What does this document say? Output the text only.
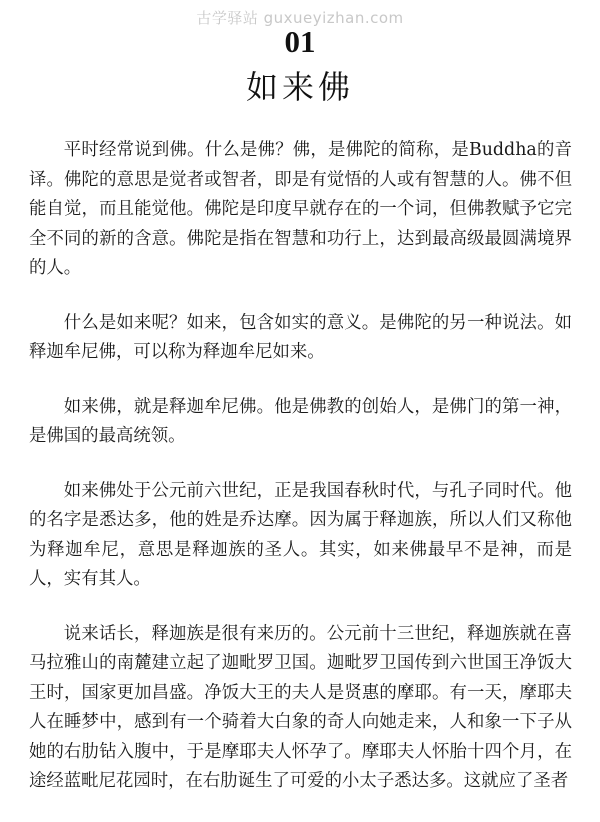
古学驿站 guxueyizhan.com
01
如来佛

平时经常说到佛。什么是佛？佛，是佛陀的简称，是Buddha的音译。佛陀的意思是觉者或智者，即是有觉悟的人或有智慧的人。佛不但能自觉，而且能觉他。佛陀是印度早就存在的一个词，但佛教赋予它完全不同的新的含意。佛陀是指在智慧和功行上，达到最高级最圆满境界的人。

什么是如来呢？如来，包含如实的意义。是佛陀的另一种说法。如释迦牟尼佛，可以称为释迦牟尼如来。

如来佛，就是释迦牟尼佛。他是佛教的创始人，是佛门的第一神，是佛国的最高统领。

如来佛处于公元前六世纪，正是我国春秋时代，与孔子同时代。他的名字是悉达多，他的姓是乔达摩。因为属于释迦族，所以人们又称他为释迦牟尼，意思是释迦族的圣人。其实，如来佛最早不是神，而是人，实有其人。

说来话长，释迦族是很有来历的。公元前十三世纪，释迦族就在喜马拉雅山的南麓建立起了迦毗罗卫国。迦毗罗卫国传到六世国王净饭大王时，国家更加昌盛。净饭大王的夫人是贤惠的摩耶。有一天，摩耶夫人在睡梦中，感到有一个骑着大白象的奇人向她走来，人和象一下子从她的右肋钻入腹中，于是摩耶夫人怀孕了。摩耶夫人怀胎十四个月，在途经蓝毗尼花园时，在右肋诞生了可爱的小太子悉达多。这就应了圣者
